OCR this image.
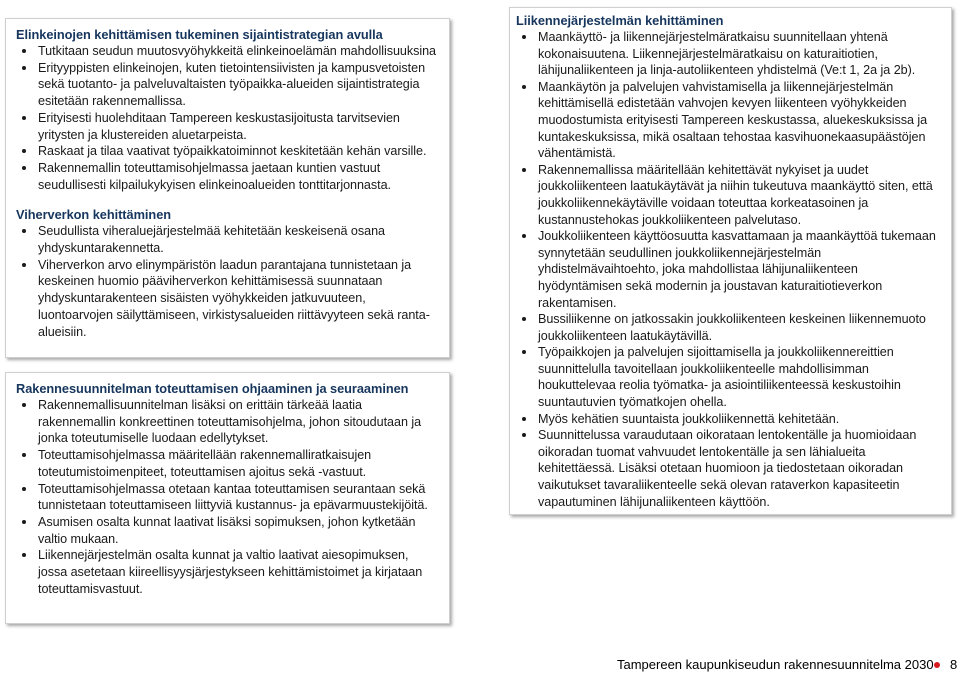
Elinkeinojen kehittämisen tukeminen sijaintistrategian avulla
Tutkitaan seudun muutosvyöhykkeitä elinkeinoelämän mahdollisuuksina
Erityyppisten elinkeinojen, kuten tietointensiivisten ja kampusvetoisten sekä tuotanto- ja palveluvaltaisten työpaikka-alueiden sijaintistrategia esitetään rakennemallissa.
Erityisesti huolehditaan Tampereen keskustasijoitusta tarvitsevien yritysten ja klustereiden aluetarpeista.
Raskaat ja tilaa vaativat työpaikkatoiminnot keskitetään kehän varsille.
Rakennemallin toteuttamisohjelmassa jaetaan kuntien vastuut seudullisesti kilpailukykyisen elinkeinoalueiden tonttitarjonnasta.
Viherverkon kehittäminen
Seudullista viheraluejärjestelmää kehitetään keskeisenä osana yhdyskuntarakennetta.
Viherverkon arvo elinympäristön laadun parantajana tunnistetaan ja keskeinen huomio pääviherverkon kehittämisessä suunnataan yhdyskuntarakenteen sisäisten vyöhykkeiden jatkuvuuteen, luontoarvojen säilyttämiseen, virkistysalueiden riittävyyteen sekä ranta-alueisiin.
Rakennesuunnitelman toteuttamisen ohjaaminen ja seuraaminen
Rakennemallisuunnitelman lisäksi on erittäin tärkeää laatia rakennemallin konkreettinen toteuttamisohjelma, johon sitoudutaan ja jonka toteutumiselle luodaan edellytykset.
Toteuttamisohjelmassa määritellään rakennemalliratkaisujen toteutumistoimenpiteet, toteuttamisen ajoitus sekä -vastuut.
Toteuttamisohjelmassa otetaan kantaa toteuttamisen seurantaan sekä tunnistetaan toteuttamiseen liittyviä kustannus- ja epävarmuustekijöitä.
Asumisen osalta kunnat laativat lisäksi sopimuksen, johon kytketään valtio mukaan.
Liikennejärjestelmän osalta kunnat ja valtio laativat aiesopimuksen, jossa asetetaan kiireellisyysjärjestykseen kehittämistoimet ja kirjataan toteuttamisvastuut.
Liikennejärjestelmän kehittäminen
Maankäyttö- ja liikennejärjestelmäratkaisu suunnitellaan yhtenä kokonaisuutena. Liikennejärjestelmäratkaisu on katuraitiotien, lähijunaliikenteen ja linja-autoliikenteen yhdistelmä (Ve:t 1, 2a ja 2b).
Maankäytön ja palvelujen vahvistamisella ja liikennejärjestelmän kehittämisellä edistetään vahvojen kevyen liikenteen vyöhykkeiden muodostumista erityisesti Tampereen keskustassa, aluekeskuksissa ja kuntakeskuksissa, mikä osaltaan tehostaa kasvihuonekaasupäästöjen vähentämistä.
Rakennemallissa määritellään kehitettävät nykyiset ja uudet joukkoliikenteen laatukäytävät ja niihin tukeutuva maankäyttö siten, että joukkoliikennekäytäville voidaan toteuttaa korkeatasoinen ja kustannustehokas joukkoliikenteen palvelutaso.
Joukkoliikenteen käyttöosuutta kasvattamaan ja maankäyttöä tukemaan synnytetään seudullinen joukkoliikennejärjestelmän yhdistelmävaihtoehto, joka mahdollistaa lähijunaliikenteen hyödyntämisen sekä modernin ja joustavan katuraitiotieverkon rakentamisen.
Bussiliikenne on jatkossakin joukkoliikenteen keskeinen liikennemuoto joukkoliikenteen laatukäytävillä.
Työpaikkojen ja palvelujen sijoittamisella ja joukkoliikennereittien suunnittelulla tavoitellaan joukkoliikenteelle mahdollisimman houkuttelevaa reolia työmatka- ja asiointiliikenteessä keskustoihin suuntautuvien työmatkojen ohella.
Myös kehätien suuntaista joukkoliikennettä kehitetään.
Suunnittelussa varaudutaan oikorataan lentokentälle ja huomioidaan oikoradan tuomat vahvuudet lentokentälle ja sen lähialueita kehitettäessä. Lisäksi otetaan huomioon ja tiedostetaan oikoradan vaikutukset tavaraliikenteelle sekä olevan rataverkon kapasiteetin vapautuminen lähijunaliikenteen käyttöön.
Tampereen kaupunkiseudun rakennesuunnitelma 2030 8
